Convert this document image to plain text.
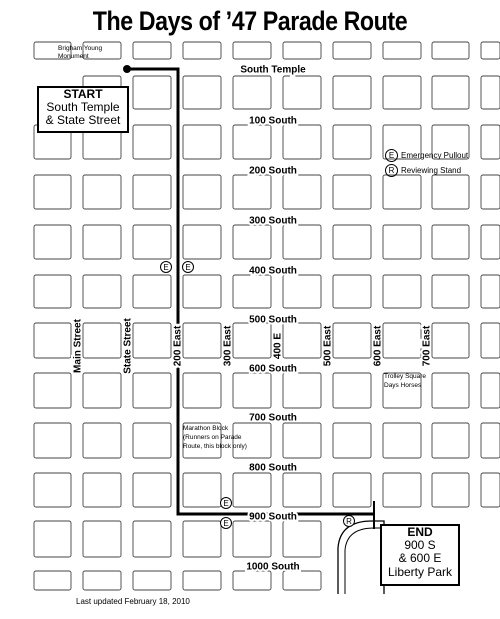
The Days of ’47 Parade Route
South Temple
100 South
200 South
300 South
400 South
500 South
600 South
700 South
800 South
900 South
1000 South
Main Street	State Street	200 East	300 East	400 E	500 East	600 East	700 East
E E
E
E	R
Brigham Young Monument
Trolley Square Days Horses
Marathon Block (Runners on Parade Route, this block only)
START
South Temple
& State Street
END
900 S
& 600 E
Liberty Park
E Emergency Pullout
R Reviewing Stand
Last updated February 18, 2010
